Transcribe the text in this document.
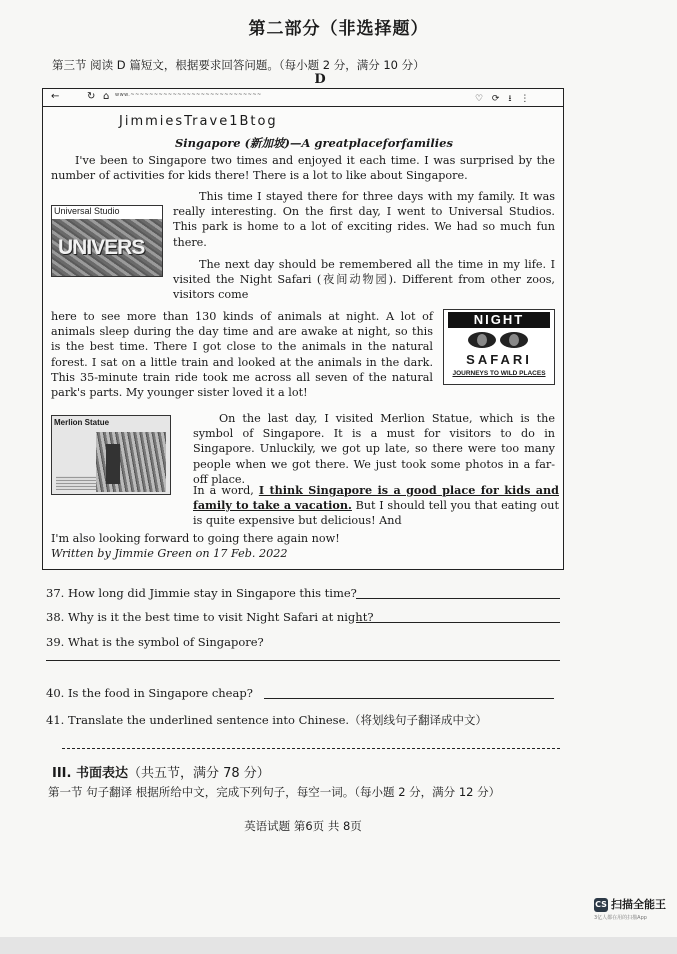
第二部分（非选择题）
第三节 阅读 D 篇短文，根据要求回答问题。（每小题 2 分，满分 10 分）
D
←	↻ ⌂ www.~~~~~~~~~~~~~~~~~~~~~~~~~~~~	♡ ⟳ ⭳ ⋮
JimmiesTrave1Btog
Singapore (新加坡)—A greatplaceforfamilies
I've been to Singapore two times and enjoyed it each time. I was surprised by the number of activities for kids there! There is a lot to like about Singapore.
Universal Studio
UNIVERS
This time I stayed there for three days with my family. It was really interesting. On the first day, I went to Universal Studios. This park is home to a lot of exciting rides. We had so much fun there.
The next day should be remembered all the time in my life. I visited the Night Safari (夜间动物园). Different from other zoos, visitors come
NIGHT
SAFARI
JOURNEYS TO WILD PLACES
here to see more than 130 kinds of animals at night. A lot of animals sleep during the day time and are awake at night, so this is the best time. There I got close to the animals in the natural forest. I sat on a little train and looked at the animals in the dark. This 35-minute train ride took me across all seven of the natural park's parts. My younger sister loved it a lot!
Merlion Statue	On the last day, I visited Merlion Statue, which is the symbol of Singapore. It is a must for visitors to do in Singapore. Unluckily, we got up late, so there were too many people when we got there. We just took some photos in a far-off place.
In a word, I think Singapore is a good place for kids and family to take a vacation. But I should tell you that eating out is quite expensive but delicious! And
I'm also looking forward to going there again now!
Written by Jimmie Green on 17 Feb. 2022
37. How long did Jimmie stay in Singapore this time?
38. Why is it the best time to visit Night Safari at night?
39. What is the symbol of Singapore?
40. Is the food in Singapore cheap?
41. Translate the underlined sentence into Chinese.（将划线句子翻译成中文）
III. 书面表达（共五节，满分 78 分）
第一节 句子翻译 根据所给中文，完成下列句子，每空一词。（每小题 2 分，满分 12 分）
英语试题 第6页 共 8页
CS 扫描全能王
3亿人都在用的扫描App
